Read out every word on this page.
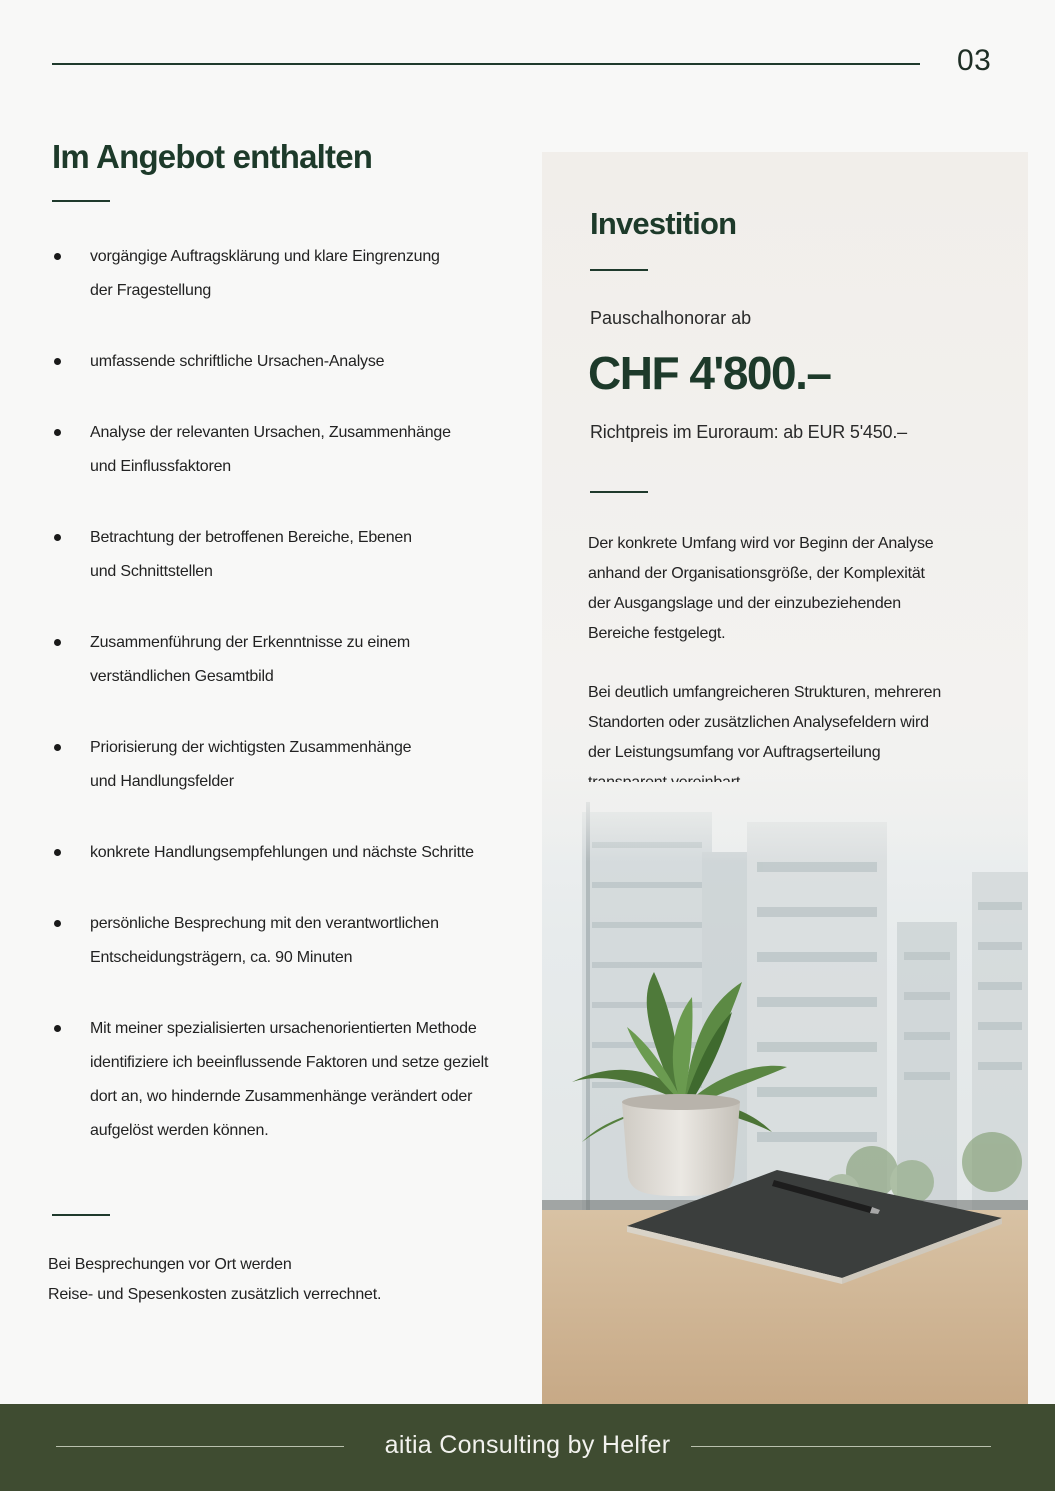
03
Im Angebot enthalten
vorgängige Auftragsklärung und klare Eingrenzung
der Fragestellung
umfassende schriftliche Ursachen-Analyse
Analyse der relevanten Ursachen, Zusammenhänge
und Einflussfaktoren
Betrachtung der betroffenen Bereiche, Ebenen
und Schnittstellen
Zusammenführung der Erkenntnisse zu einem
verständlichen Gesamtbild
Priorisierung der wichtigsten Zusammenhänge
und Handlungsfelder
konkrete Handlungsempfehlungen und nächste Schritte
persönliche Besprechung mit den verantwortlichen
Entscheidungsträgern, ca. 90 Minuten
Mit meiner spezialisierten ursachenorientierten Methode
identifiziere ich beeinflussende Faktoren und setze gezielt
dort an, wo hindernde Zusammenhänge verändert oder
aufgelöst werden können.
Bei Besprechungen vor Ort werden
Reise- und Spesenkosten zusätzlich verrechnet.
Investition
Pauschalhonorar ab
CHF 4'800.–
Richtpreis im Euroraum: ab EUR 5'450.–

Der konkrete Umfang wird vor Beginn der Analyse
anhand der Organisationsgröße, der Komplexität
der Ausgangslage und der einzubeziehenden
Bereiche festgelegt.

Bei deutlich umfangreicheren Strukturen, mehreren
Standorten oder zusätzlichen Analysefeldern wird
der Leistungsumfang vor Auftragserteilung

aitia Consulting by Helfer
